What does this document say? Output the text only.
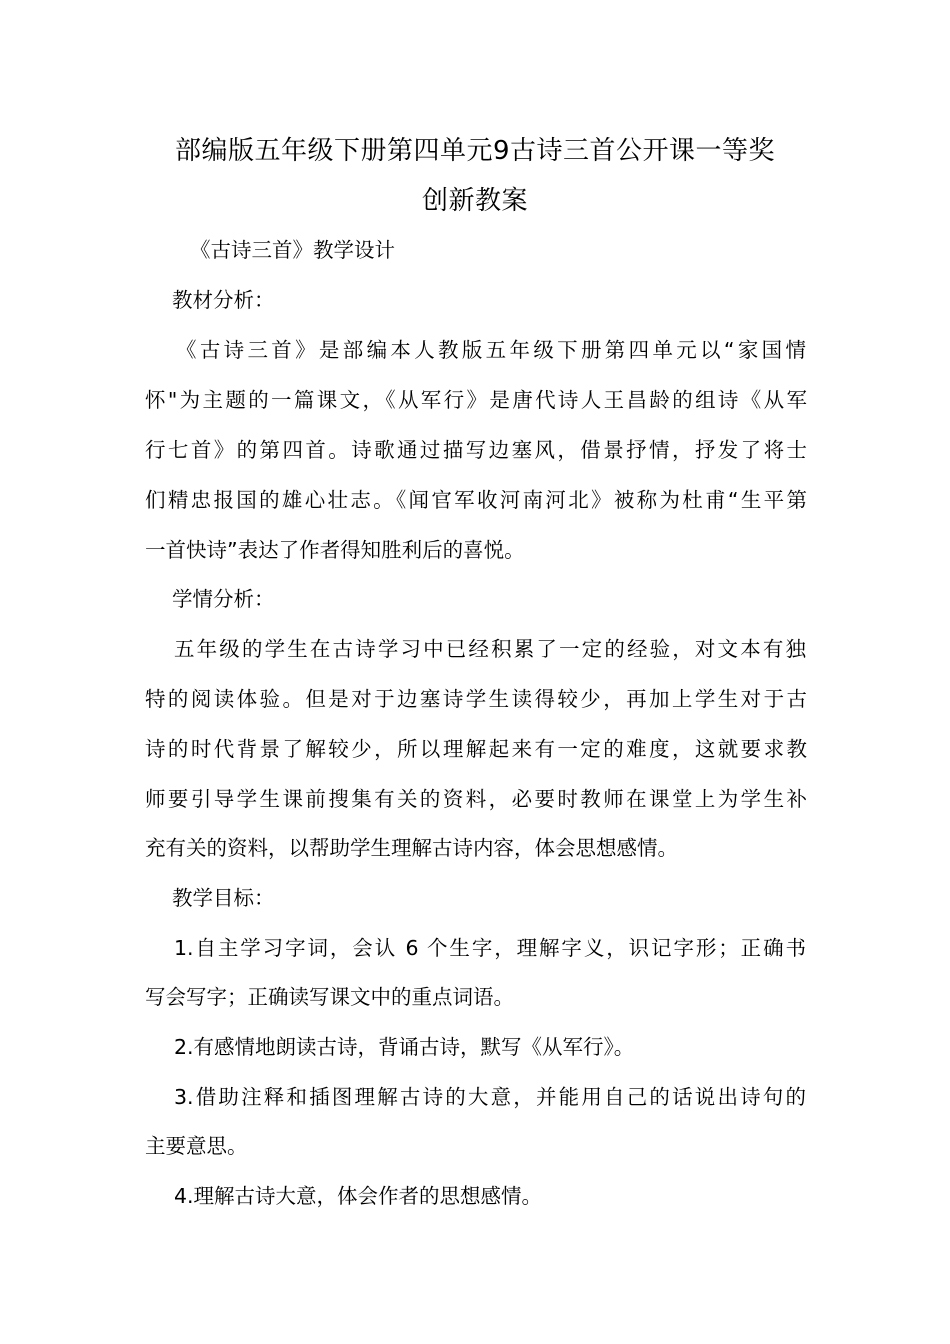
部编版五年级下册第四单元9古诗三首公开课一等奖
创新教案
《古诗三首》教学设计
教材分析：
《古诗三首》是部编本人教版五年级下册第四单元以“家国情
怀"为主题的一篇课文，《从军行》是唐代诗人王昌龄的组诗《从军
行七首》的第四首。诗歌通过描写边塞风，借景抒情，抒发了将士
们精忠报国的雄心壮志。《闻官军收河南河北》被称为杜甫“生平第
一首快诗”表达了作者得知胜利后的喜悦。
学情分析：
五年级的学生在古诗学习中已经积累了一定的经验，对文本有独
特的阅读体验。但是对于边塞诗学生读得较少，再加上学生对于古
诗的时代背景了解较少，所以理解起来有一定的难度，这就要求教
师要引导学生课前搜集有关的资料，必要时教师在课堂上为学生补
充有关的资料，以帮助学生理解古诗内容，体会思想感情。
教学目标：
1.自主学习字词，会认 6 个生字，理解字义，识记字形；正确书
写会写字；正确读写课文中的重点词语。
2.有感情地朗读古诗，背诵古诗，默写《从军行》。
3.借助注释和插图理解古诗的大意，并能用自己的话说出诗句的
主要意思。
4.理解古诗大意，体会作者的思想感情。
